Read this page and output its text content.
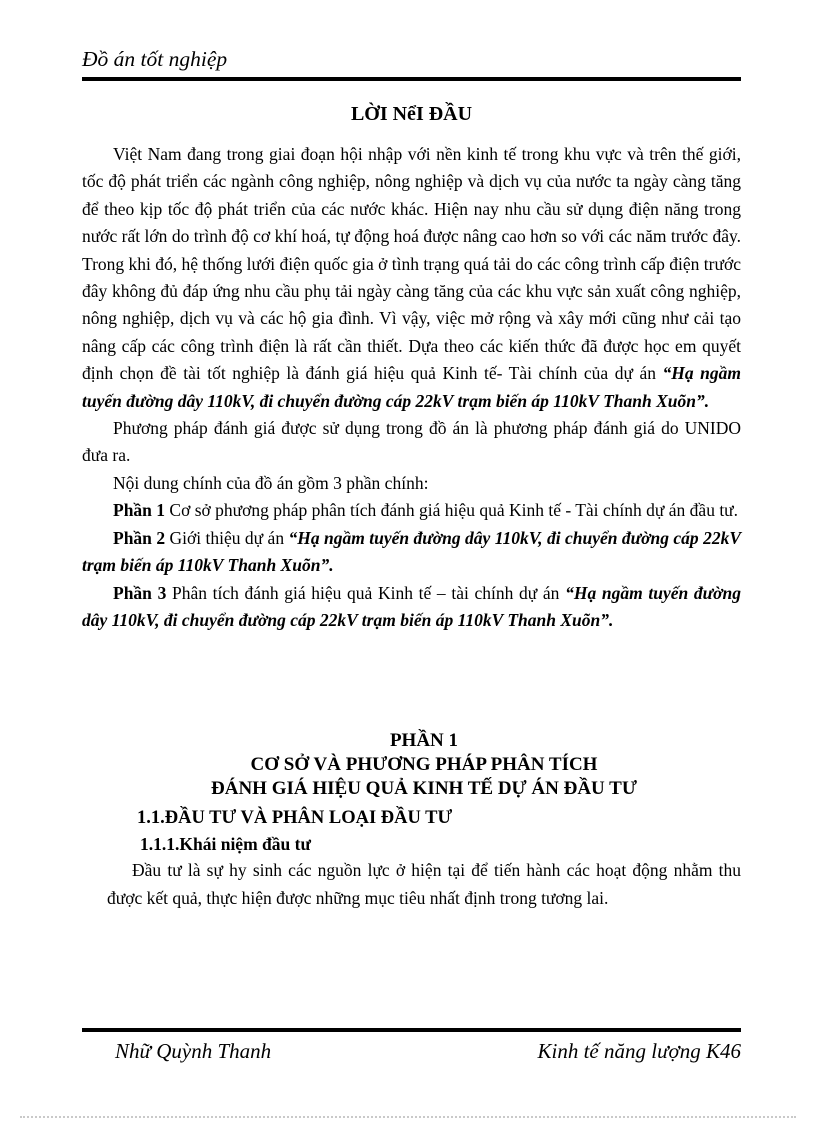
Đồ án tốt nghiệp
LỜI NểI ĐẦU

Việt Nam đang trong giai đoạn hội nhập với nền kinh tế trong khu vực và trên thế giới, tốc độ phát triển các ngành công nghiệp, nông nghiệp và dịch vụ của nước ta ngày càng tăng để theo kịp tốc độ phát triển của các nước khác. Hiện nay nhu cầu sử dụng điện năng trong nước rất lớn do trình độ cơ khí hoá, tự động hoá được nâng cao hơn so với các năm trước đây. Trong khi đó, hệ thống lưới điện quốc gia ở tình trạng quá tải do các công trình cấp điện trước đây không đủ đáp ứng nhu cầu phụ tải ngày càng tăng của các khu vực sản xuất công nghiệp, nông nghiệp, dịch vụ và các hộ gia đình. Vì vậy, việc mở rộng và xây mới cũng như cải tạo nâng cấp các công trình điện là rất cần thiết. Dựa theo các kiến thức đã được học em quyết định chọn đề tài tốt nghiệp là đánh giá hiệu quả Kinh tế- Tài chính của dự án “Hạ ngầm tuyến đường dây 110kV, đi chuyển đường cáp 22kV trạm biến áp 110kV Thanh Xuõn”.

Phương pháp đánh giá được sử dụng trong đồ án là phương pháp đánh giá do UNIDO đưa ra.

Nội dung chính của đồ án gồm 3 phần chính:

Phần 1 Cơ sở phương pháp phân tích đánh giá hiệu quả Kinh tế - Tài chính dự án đầu tư.

Phần 2 Giới thiệu dự án “Hạ ngầm tuyến đường dây 110kV, đi chuyển đường cáp 22kV trạm biến áp 110kV Thanh Xuõn”.

Phần 3 Phân tích đánh giá hiệu quả Kinh tế – tài chính dự án “Hạ ngầm tuyến đường dây 110kV, đi chuyển đường cáp 22kV trạm biến áp 110kV Thanh Xuõn”.

PHẦN 1
CƠ SỞ VÀ PHƯƠNG PHÁP PHÂN TÍCH
ĐÁNH GIÁ HIỆU QUẢ KINH TẾ DỰ ÁN ĐẦU TƯ
1.1.ĐẦU TƯ VÀ PHÂN LOẠI ĐẦU TƯ
1.1.1.Khái niệm đầu tư

Đầu tư là sự hy sinh các nguồn lực ở hiện tại để tiến hành các hoạt động nhằm thu được kết quả, thực hiện được những mục tiêu nhất định trong tương lai.

Nhữ Quỳnh Thanh	Kinh tế năng lượng K46
